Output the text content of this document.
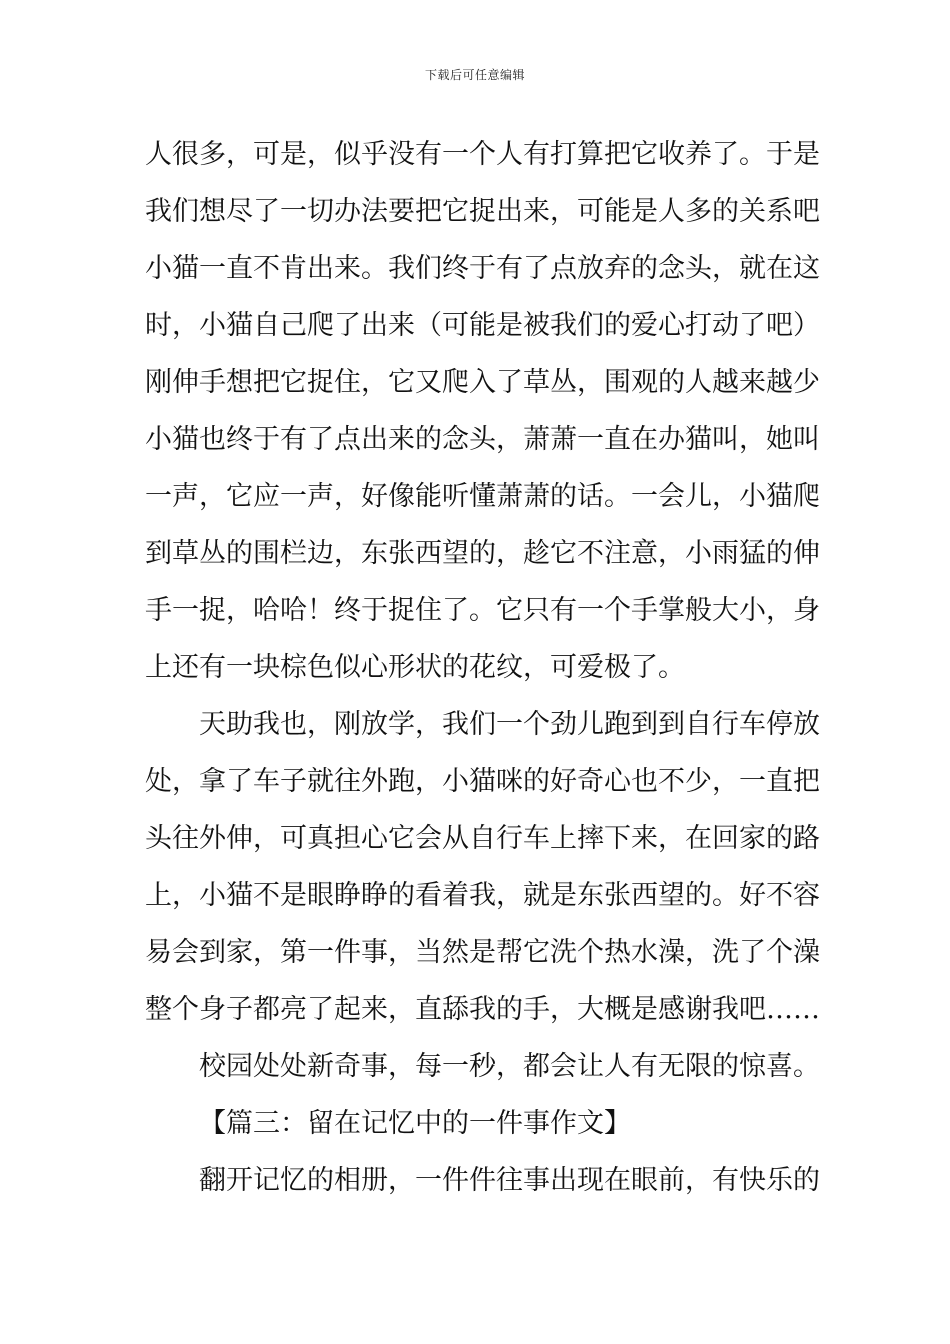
下载后可任意编辑
人很多，可是，似乎没有一个人有打算把它收养了。于是
我们想尽了一切办法要把它捉出来，可能是人多的关系吧
小猫一直不肯出来。我们终于有了点放弃的念头，就在这
时，小猫自己爬了出来（可能是被我们的爱心打动了吧）
刚伸手想把它捉住，它又爬入了草丛，围观的人越来越少
小猫也终于有了点出来的念头，萧萧一直在办猫叫，她叫
一声，它应一声，好像能听懂萧萧的话。一会儿，小猫爬
到草丛的围栏边，东张西望的，趁它不注意，小雨猛的伸
手一捉，哈哈！终于捉住了。它只有一个手掌般大小，身
上还有一块棕色似心形状的花纹，可爱极了。
天助我也，刚放学，我们一个劲儿跑到到自行车停放
处，拿了车子就往外跑，小猫咪的好奇心也不少，一直把
头往外伸，可真担心它会从自行车上摔下来，在回家的路
上，小猫不是眼睁睁的看着我，就是东张西望的。好不容
易会到家，第一件事，当然是帮它洗个热水澡，洗了个澡
整个身子都亮了起来，直舔我的手，大概是感谢我吧……
校园处处新奇事，每一秒，都会让人有无限的惊喜。
【篇三：留在记忆中的一件事作文】
翻开记忆的相册，一件件往事出现在眼前，有快乐的
